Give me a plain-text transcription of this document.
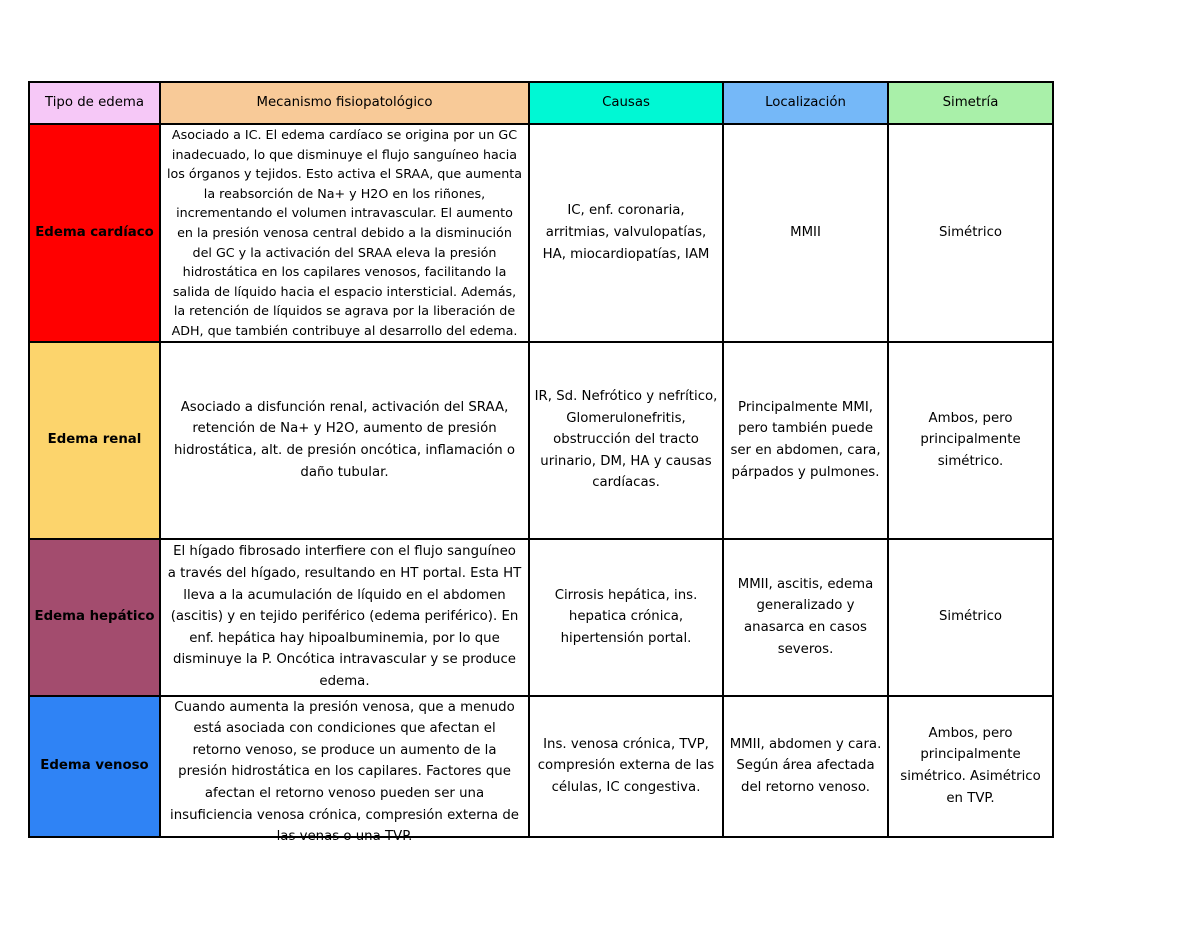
Tipo de edema	Mecanismo fisiopatológico	Causas	Localización	Simetría
Edema cardíaco	Asociado a IC. El edema cardíaco se origina por un GC inadecuado, lo que disminuye el flujo sanguíneo hacia los órganos y tejidos. Esto activa el SRAA, que aumenta la reabsorción de Na+ y H2O en los riñones, incrementando el volumen intravascular. El aumento en la presión venosa central debido a la disminución del GC y la activación del SRAA eleva la presión hidrostática en los capilares venosos, facilitando la salida de líquido hacia el espacio intersticial. Además, la retención de líquidos se agrava por la liberación de ADH, que también contribuye al desarrollo del edema.	IC, enf. coronaria, arritmias, valvulopatías, HA, miocardiopatías, IAM	MMII	Simétrico
Edema renal	Asociado a disfunción renal, activación del SRAA, retención de Na+ y H2O, aumento de presión hidrostática, alt. de presión oncótica, inflamación o daño tubular.	IR, Sd. Nefrótico y nefrítico, Glomerulonefritis, obstrucción del tracto urinario, DM, HA y causas cardíacas.	Principalmente MMI, pero también puede ser en abdomen, cara, párpados y pulmones.	Ambos, pero principalmente simétrico.
Edema hepático	El hígado fibrosado interfiere con el flujo sanguíneo a través del hígado, resultando en HT portal. Esta HT lleva a la acumulación de líquido en el abdomen (ascitis) y en tejido periférico (edema periférico). En enf. hepática hay hipoalbuminemia, por lo que disminuye la P. Oncótica intravascular y se produce edema.	Cirrosis hepática, ins. hepatica crónica, hipertensión portal.	MMII, ascitis, edema generalizado y anasarca en casos severos.	Simétrico
Edema venoso	Cuando aumenta la presión venosa, que a menudo está asociada con condiciones que afectan el retorno venoso, se produce un aumento de la presión hidrostática en los capilares. Factores que afectan el retorno venoso pueden ser una insuficiencia venosa crónica, compresión externa de las venas o una TVP.	Ins. venosa crónica, TVP, compresión externa de las células, IC congestiva.	MMII, abdomen y cara. Según área afectada del retorno venoso.	Ambos, pero principalmente simétrico. Asimétrico en TVP.
